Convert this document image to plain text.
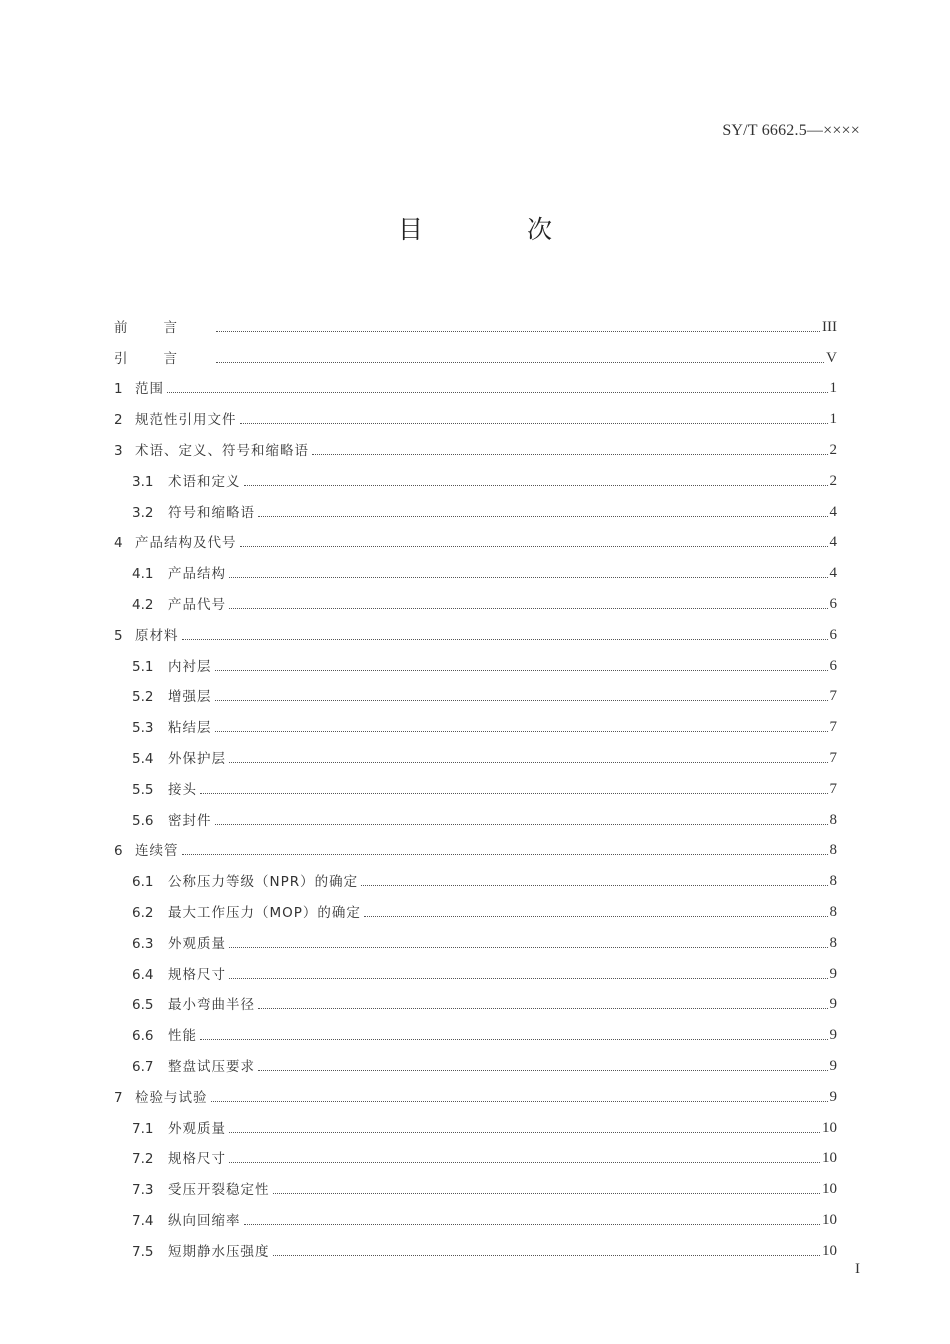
SY/T 6662.5—××××
目 次
前言	III
引言	V
1 范围	1
2 规范性引用文件	1
3 术语、定义、符号和缩略语	2
3.1	术语和定义	2
3.2	符号和缩略语	4
4 产品结构及代号	4
4.1	产品结构	4
4.2	产品代号	6
5 原材料	6
5.1	内衬层	6
5.2	增强层	7
5.3	粘结层	7
5.4	外保护层	7
5.5	接头	7
5.6	密封件	8
6 连续管	8
6.1	公称压力等级（NPR）的确定	8
6.2	最大工作压力（MOP）的确定	8
6.3	外观质量	8
6.4	规格尺寸	9
6.5	最小弯曲半径	9
6.6	性能	9
6.7	整盘试压要求	9
7 检验与试验	9
7.1	外观质量	10
7.2	规格尺寸	10
7.3	受压开裂稳定性	10
7.4	纵向回缩率	10
7.5	短期静水压强度	10
I
